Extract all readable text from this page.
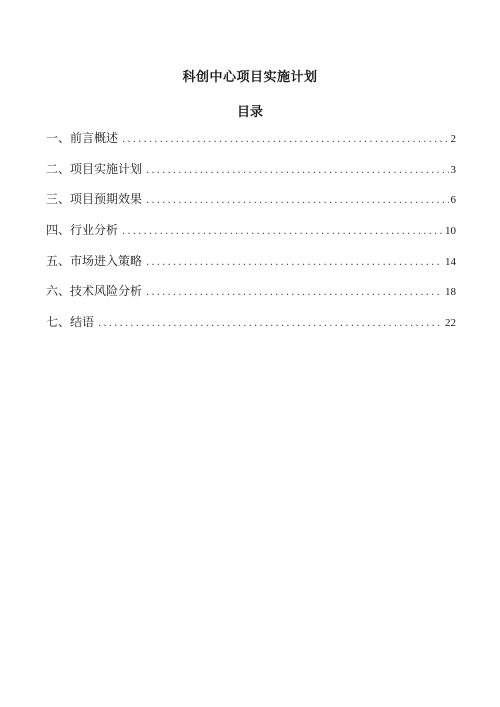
科创中心项目实施计划
目录
一、前言概述 .....	2
二、项目实施计划 .....	3
三、项目预期效果 .....	6
四、行业分析 .....	10
五、市场进入策略 .....	14
六、技术风险分析 .....	18
七、结语 .....	22
